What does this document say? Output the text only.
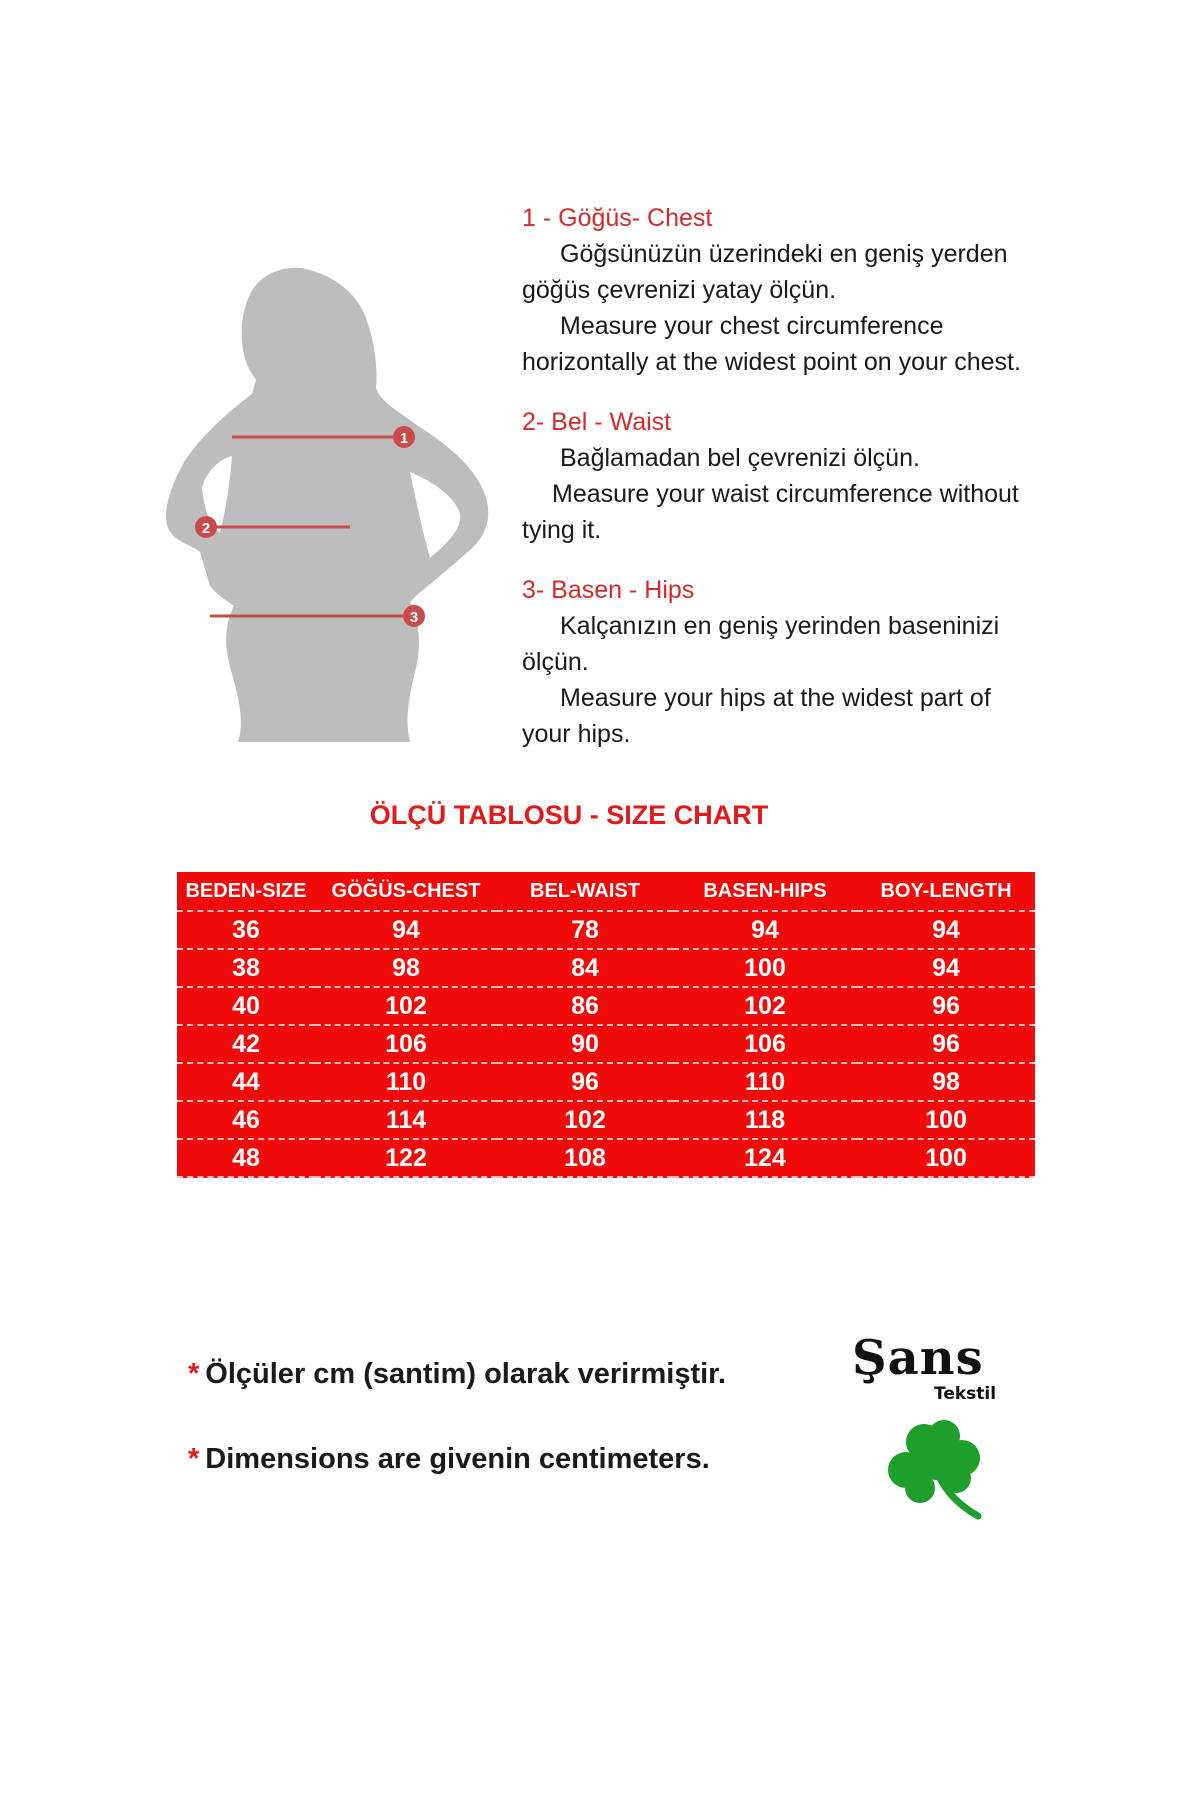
1
2
3

1 - Göğüs- Chest

Göğsünüzün üzerindeki en geniş yerden

göğüs çevrenizi yatay ölçün.

Measure your chest circumference

horizontally at the widest point on your chest.

2- Bel - Waist

Bağlamadan bel çevrenizi ölçün.

Measure your waist circumference without

tying it.

3- Basen - Hips

Kalçanızın en geniş yerinden baseninizi

ölçün.

Measure your hips at the widest part of

your hips.

ÖLÇÜ TABLOSU - SIZE CHART

BEDEN-SIZE	GÖĞÜS-CHEST	BEL-WAIST	BASEN-HIPS	BOY-LENGTH
36	94	78	94	94
38	98	84	100	94
40	102	86	102	96
42	106	90	106	96
44	110	96	110	98
46	114	102	118	100
48	122	108	124	100

* Ölçüler cm (santim) olarak verirmiştir.

* Dimensions are givenin centimeters.

Şans

Tekstil
